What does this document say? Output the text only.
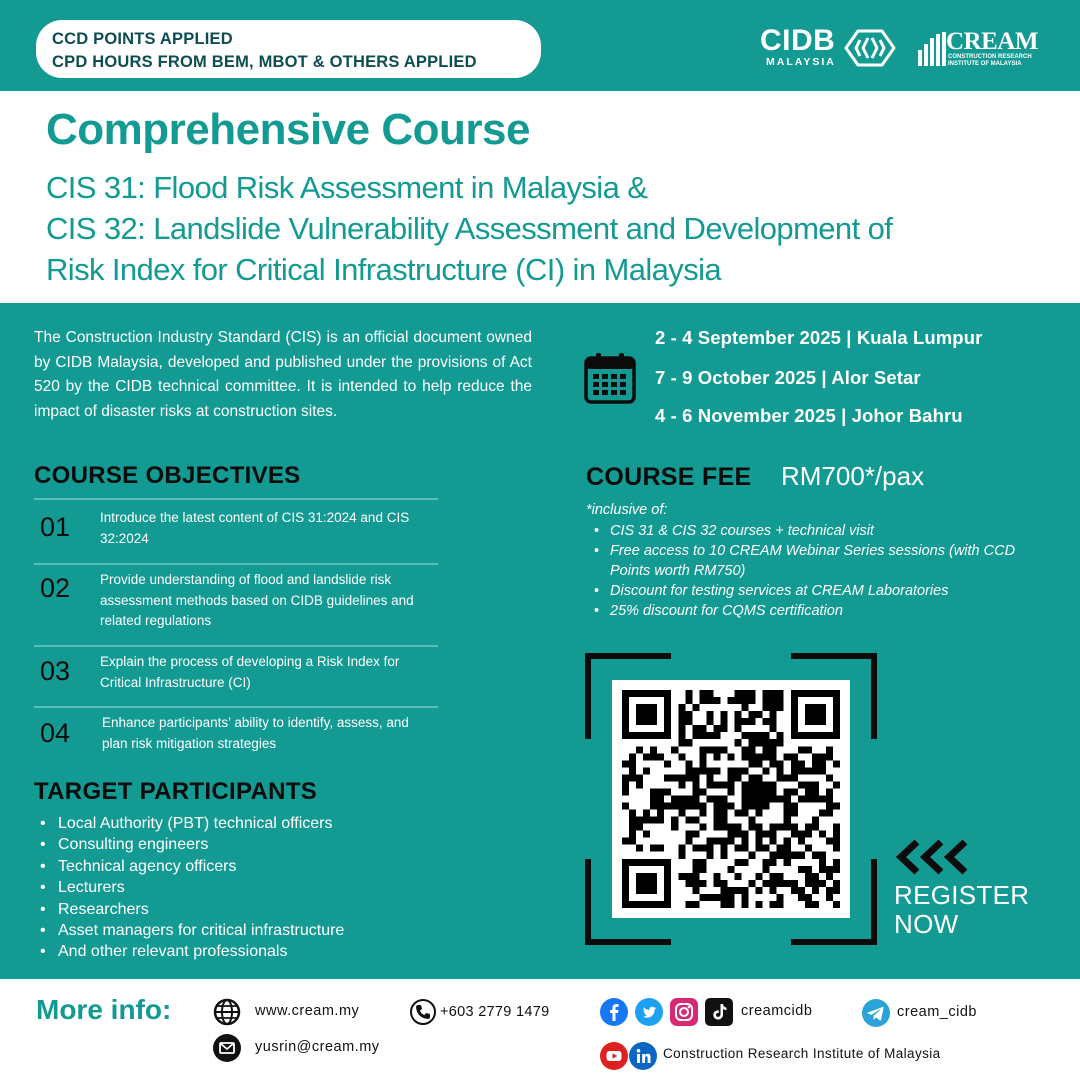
CCD POINTS APPLIED
CPD HOURS FROM BEM, MBOT & OTHERS APPLIED
CIDB
MALAYSIA
CREAM
CONSTRUCTION RESEARCH
INSTITUTE OF MALAYSIA
Comprehensive Course
CIS 31: Flood Risk Assessment in Malaysia &
CIS 32: Landslide Vulnerability Assessment and Development of
Risk Index for Critical Infrastructure (CI) in Malaysia
The Construction Industry Standard (CIS) is an official document owned by CIDB Malaysia, developed and published under the provisions of Act 520 by the CIDB technical committee. It is intended to help reduce the impact of disaster risks at construction sites.
COURSE OBJECTIVES
01 Introduce the latest content of CIS 31:2024 and CIS 32:2024
02 Provide understanding of flood and landslide risk assessment methods based on CIDB guidelines and related regulations
03 Explain the process of developing a Risk Index for Critical Infrastructure (CI)
04 Enhance participants’ ability to identify, assess, and plan risk mitigation strategies
TARGET PARTICIPANTS
• Local Authority (PBT) technical officers
• Consulting engineers
• Technical agency officers
• Lecturers
• Researchers
• Asset managers for critical infrastructure
• And other relevant professionals
2 - 4 September 2025 | Kuala Lumpur
7 - 9 October 2025 | Alor Setar
4 - 6 November 2025 | Johor Bahru
COURSE FEE RM700*/pax
*inclusive of:
• CIS 31 & CIS 32 courses + technical visit
• Free access to 10 CREAM Webinar Series sessions (with CCD Points worth RM750)
• Discount for testing services at CREAM Laboratories
• 25% discount for CQMS certification
REGISTER
NOW
More info:	www.cream.my	+603 2779 1479
yusrin@cream.my
creamcidb	cream_cidb
Construction Research Institute of Malaysia
